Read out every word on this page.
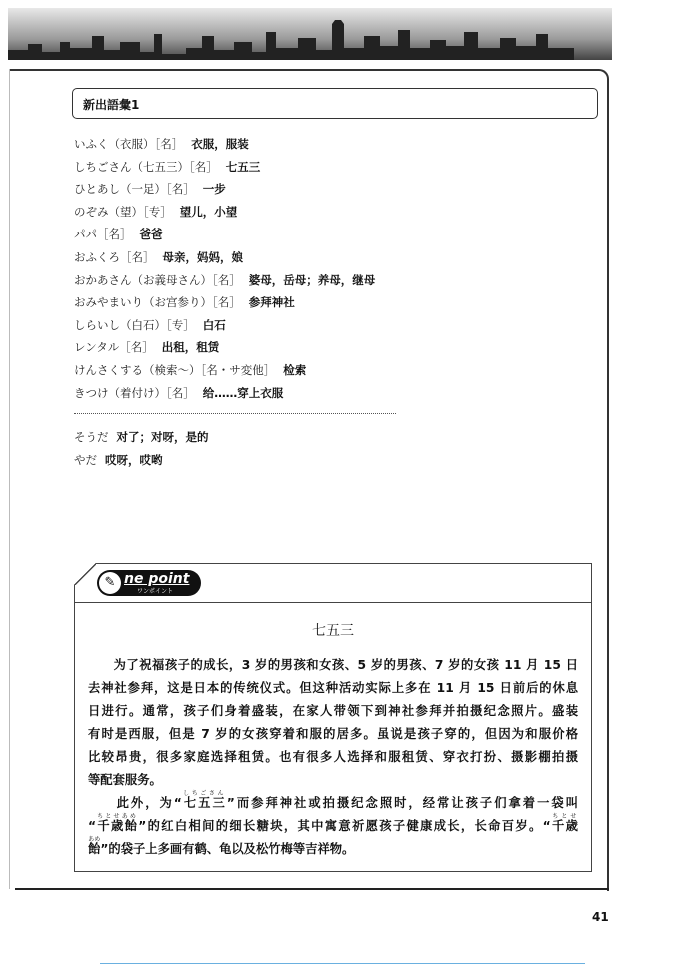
新出語彙1
いふく（衣服）［名］ 衣服，服装
しちごさん（七五三）［名］ 七五三
ひとあし（一足）［名］ 一步
のぞみ（望）［专］ 望儿，小望
パパ［名］ 爸爸
おふくろ［名］ 母亲，妈妈，娘
おかあさん（お義母さん）［名］ 婆母，岳母；养母，继母
おみやまいり（お宫参り）［名］ 参拜神社
しらいし（白石）［专］ 白石
レンタル［名］ 出租，租赁
けんさくする（検索〜）［名・サ変他］ 检索
きつけ（着付け）［名］ 给……穿上衣服
そうだ 对了；对呀，是的
やだ 哎呀，哎哟
✎ ne point
ワンポイント
七五三
　　为了祝福孩子的成长，3 岁的男孩和女孩、5 岁的男孩、7 岁的女孩 11 月 15 日
去神社参拜，这是日本的传统仪式。但这种活动实际上多在 11 月 15 日前后的休息
日进行。通常，孩子们身着盛装，在家人带领下到神社参拜并拍摄纪念照片。盛装
有时是西服，但是 7 岁的女孩穿着和服的居多。虽说是孩子穿的，但因为和服价格
比较昂贵，很多家庭选择租赁。也有很多人选择和服租赁、穿衣打扮、摄影棚拍摄
等配套服务。
　　此外，为“七五三しちごさん”而参拜神社或拍摄纪念照时，经常让孩子们拿着一袋叫
“千歳飴ちとせあめ”的红白相间的细长糖块，其中寓意祈愿孩子健康成长，长命百岁。“千歳ちとせ
飴あめ”的袋子上多画有鹤、龟以及松竹梅等吉祥物。
41
